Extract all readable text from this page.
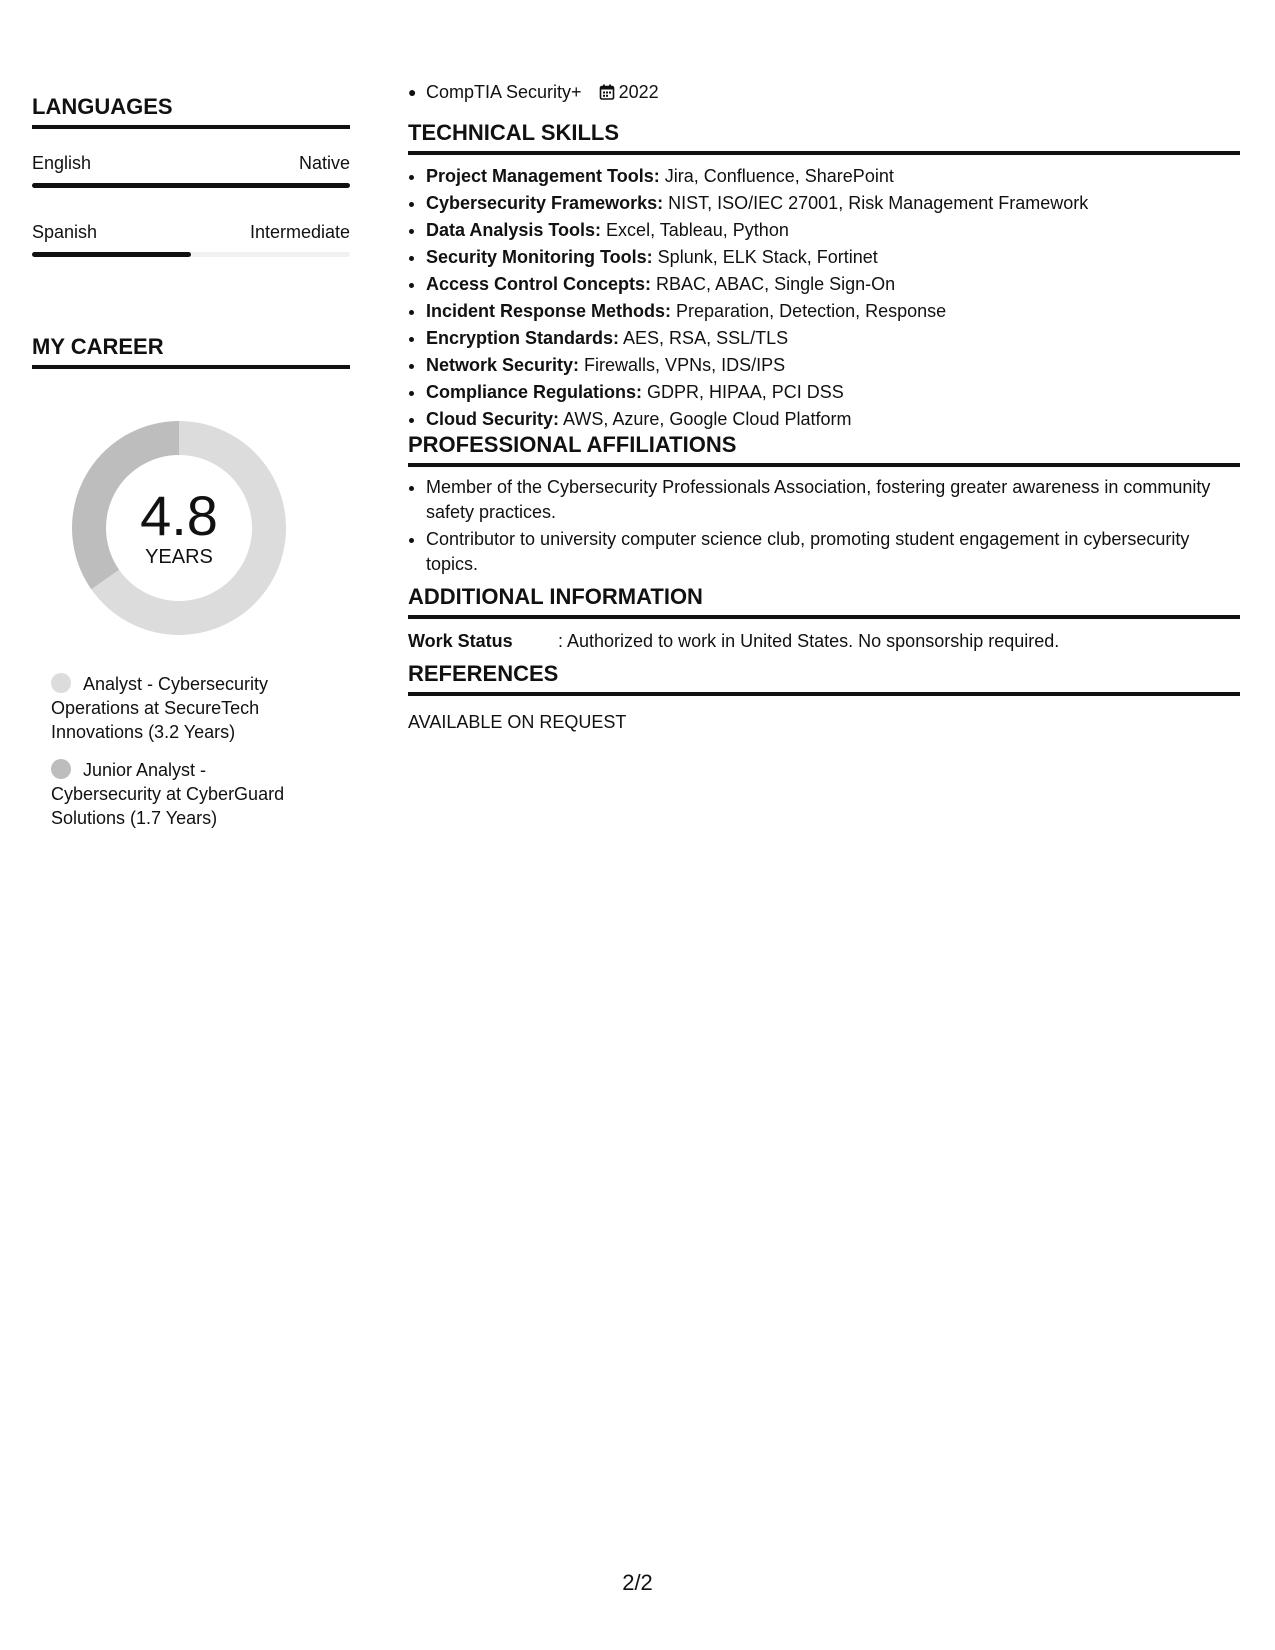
LANGUAGES
English	Native
Spanish	Intermediate
MY CAREER
4.8
YEARS
Analyst - Cybersecurity Operations at SecureTech Innovations (3.2 Years)
Junior Analyst - Cybersecurity at CyberGuard Solutions (1.7 Years)
● CompTIA Security+ 2022
TECHNICAL SKILLS
• Project Management Tools: Jira, Confluence, SharePoint
• Cybersecurity Frameworks: NIST, ISO/IEC 27001, Risk Management Framework
• Data Analysis Tools: Excel, Tableau, Python
• Security Monitoring Tools: Splunk, ELK Stack, Fortinet
• Access Control Concepts: RBAC, ABAC, Single Sign-On
• Incident Response Methods: Preparation, Detection, Response
• Encryption Standards: AES, RSA, SSL/TLS
• Network Security: Firewalls, VPNs, IDS/IPS
• Compliance Regulations: GDPR, HIPAA, PCI DSS
• Cloud Security: AWS, Azure, Google Cloud Platform
PROFESSIONAL AFFILIATIONS
• Member of the Cybersecurity Professionals Association, fostering greater awareness in community safety practices.
• Contributor to university computer science club, promoting student engagement in cybersecurity topics.
ADDITIONAL INFORMATION
Work Status	: Authorized to work in United States. No sponsorship required.
REFERENCES
AVAILABLE ON REQUEST
2/2
